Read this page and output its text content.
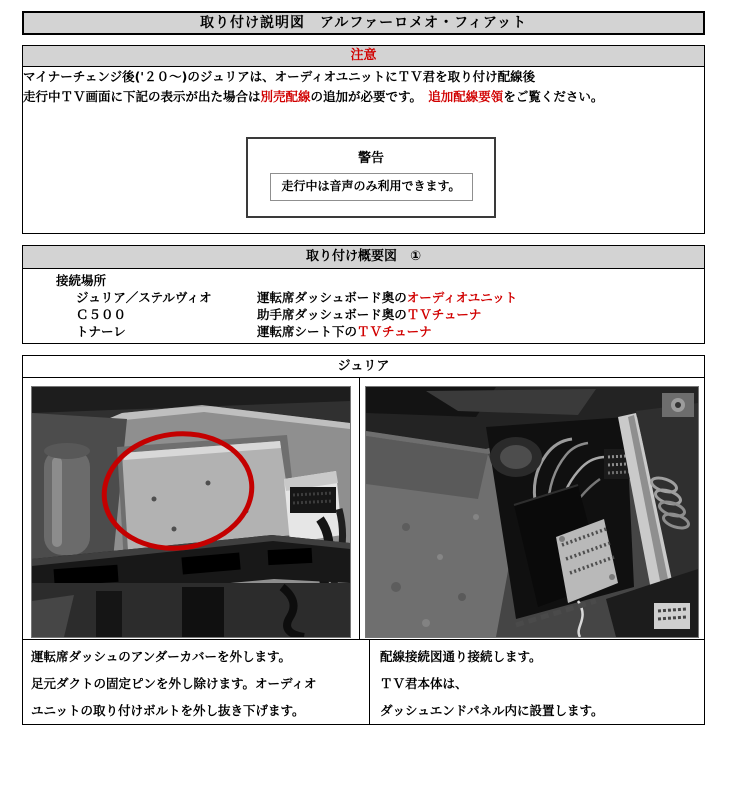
取り付け説明図　アルファーロメオ・フィアット
注意

マイナーチェンジ後('２０～)のジュリアは、オーディオユニットにＴＶ君を取り付け配線後

走行中ＴＶ画面に下記の表示が出た場合は別売配線の追加が必要です。　追加配線要領をご覧ください。

警告
走行中は音声のみ利用できます。
取り付け概要図　①
接続場所
ジュリア／ステルヴィオ	運転席ダッシュボード奥のオーディオユニット
Ｃ５００	助手席ダッシュボード奥のＴＶチューナ
トナーレ	運転席シート下のＴＶチューナ
ジュリア

運転席ダッシュのアンダーカバーを外します。

足元ダクトの固定ピンを外し除けます。オーディオ

ユニットの取り付けボルトを外し抜き下げます。

配線接続図通り接続します。

ＴＶ君本体は、

ダッシュエンドパネル内に設置します。
